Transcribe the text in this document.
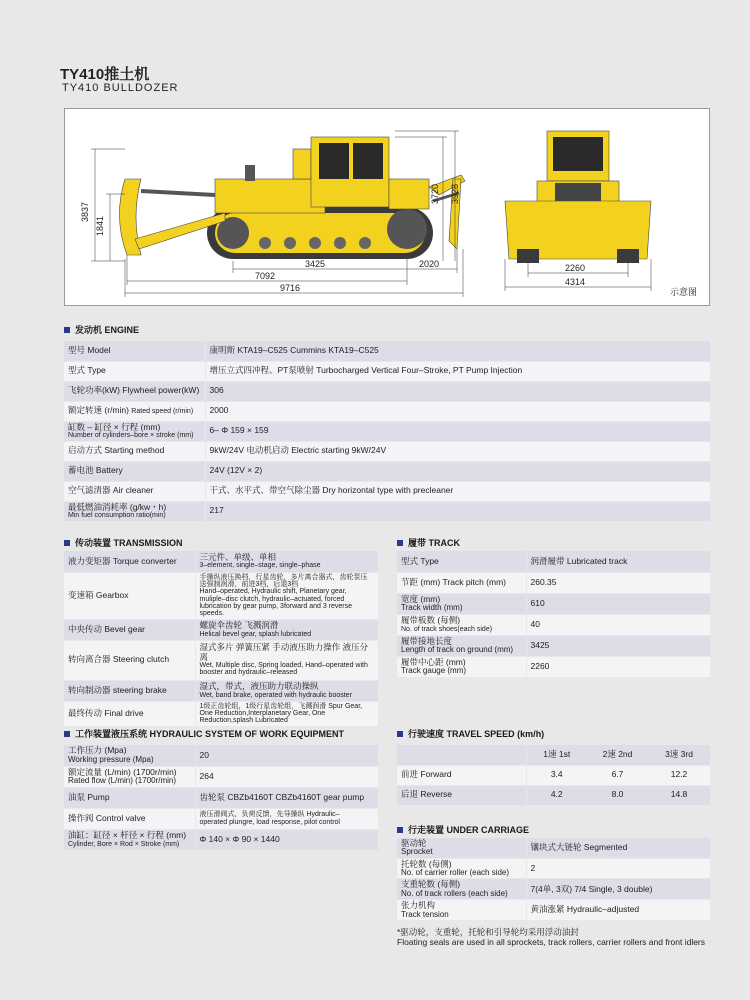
TY410推土机
TY410 BULLDOZER
3837
1841
3720 3928
3425	2020
7092
9716
2260
4314
示意图
发动机 ENGINE
型号 Model	康明斯 KTA19–C525 Cummins KTA19–C525
型式 Type	增压立式四冲程、PT泵喷射 Turbocharged Vertical Four–Stroke, PT Pump Injection
飞轮功率(kW) Flywheel power(kW)	306
额定转速 (r/min) Rated speed (r/min)	2000
缸数 – 缸径 × 行程 (mm)
Number of cylinders–bore × stroke (mm)	6– Φ 159 × 159
启动方式 Starting method	9kW/24V 电动机启动 Electric starting 9kW/24V
蓄电池 Battery	24V (12V × 2)
空气滤清器 Air cleaner	干式、水平式、带空气除尘器 Dry horizontal type with precleaner
最低燃油消耗率 (g/kw・h)
Min fuel consumption ratio(min)	217
传动装置 TRANSMISSION
液力变矩器 Torque converter	三元件、单级、单相
3–element, single–stage, single–phase

变速箱 Gearbox	手操纵液压换档，行星齿轮，多片离合器式，齿轮泵压送强制润滑，前进3档，后退3档
Hand–operated, Hydraulic shift, Planetary gear, muliple–disc clutch, hydraulic–actuated, forced lubrication by gear pump, 3forward and 3 reverse speeds.

中央传动 Bevel gear	螺旋伞齿轮 飞溅润滑
Helical bevel gear, splash lubricated

转向离合器 Steering clutch	湿式多片 弹簧压紧 手动液压助力操作 液压分离
Wet, Multiple disc, Spring loaded, Hand–operated with booster and hydraulic–released

转向制动器 steering brake	湿式，带式，液压助力联动操纵
Wet, band brake, operated with hydraulic booster

最终传动 Final drive	1级正齿轮组，1级行星齿轮组，飞溅润滑 Spur Gear,
One Reduction,Interplanetary Gear, One Reduction,splash Lubricated
履带 TRACK
型式 Type	润滑履带 Lubricated track
节距 (mm) Track pitch (mm)	260.35
宽度 (mm)
Track width (mm)	610
履带板数 (每侧)
No. of track shoes(each side)	40
履带接地长度
Length of track on ground (mm)	3425
履带中心距 (mm)
Track gauge (mm)	2260
工作装置液压系统 HYDRAULIC SYSTEM OF WORK EQUIPMENT
工作压力 (Mpa)
Working pressure (Mpa)	20
额定流量 (L/min) (1700r/min)
Rated flow (L/min) (1700r/min)	264
油泵 Pump	齿轮泵 CBZb4160T CBZb4160T gear pump
操作阀 Control valve	液压滑阀式，负荷反馈，先导操纵 Hydraulic–
operated plungre, load response, pilot control

油缸：缸径 × 杆径 × 行程 (mm)
Cylinder, Bore × Rod × Stroke (mm)	Φ 140 × Φ 90 × 1440
行驶速度 TRAVEL SPEED (km/h)
	1速 1st	2速 2nd	3速 3rd
前进 Forward	3.4	6.7	12.2
后退 Reverse	4.2	8.0	14.8
行走装置 UNDER CARRIAGE
驱动轮
Sprocket	镶块式大链轮 Segmented
托轮数 (每侧)
No. of carrier roller (each side)	2
支重轮数 (每侧)
No. of track rollers (each side)	7(4单, 3双) 7/4 Single, 3 double)
张力机构
Track tension	黄油涨紧 Hydraulic–adjusted
*驱动轮，支重轮，托轮和引导轮均采用浮动油封
Floating seals are used in all sprockets, track rollers, carrier rollers and front idlers
